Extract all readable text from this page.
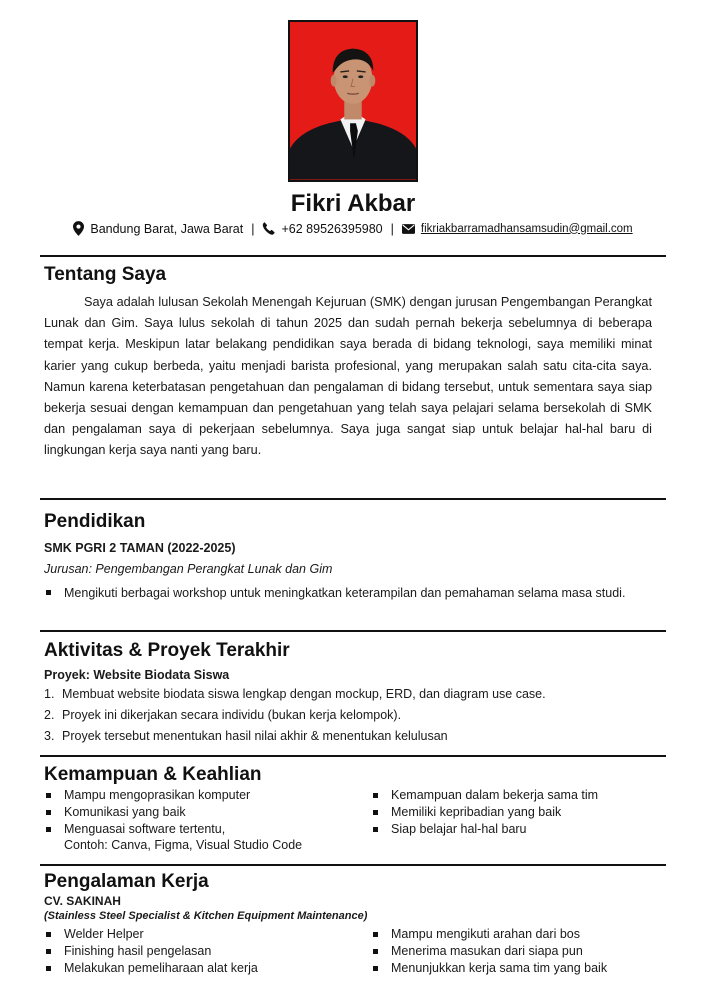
Fikri Akbar
Bandung Barat, Jawa Barat | +62 89526395980 | fikriakbarramadhansamsudin@gmail.com
Tentang Saya
Saya adalah lulusan Sekolah Menengah Kejuruan (SMK) dengan jurusan Pengembangan Perangkat Lunak dan Gim. Saya lulus sekolah di tahun 2025 dan sudah pernah bekerja sebelumnya di beberapa tempat kerja. Meskipun latar belakang pendidikan saya berada di bidang teknologi, saya memiliki minat karier yang cukup berbeda, yaitu menjadi barista profesional, yang merupakan salah satu cita-cita saya. Namun karena keterbatasan pengetahuan dan pengalaman di bidang tersebut, untuk sementara saya siap bekerja sesuai dengan kemampuan dan pengetahuan yang telah saya pelajari selama bersekolah di SMK dan pengalaman saya di pekerjaan sebelumnya. Saya juga sangat siap untuk belajar hal-hal baru di lingkungan kerja saya nanti yang baru.
Pendidikan
SMK PGRI 2 TAMAN (2022-2025)
Jurusan: Pengembangan Perangkat Lunak dan Gim
Mengikuti berbagai workshop untuk meningkatkan keterampilan dan pemahaman selama masa studi.
Aktivitas & Proyek Terakhir
Proyek: Website Biodata Siswa
1. Membuat website biodata siswa lengkap dengan mockup, ERD, dan diagram use case.
2. Proyek ini dikerjakan secara individu (bukan kerja kelompok).
3. Proyek tersebut menentukan hasil nilai akhir & menentukan kelulusan
Kemampuan & Keahlian
Mampu mengoprasikan komputer
Komunikasi yang baik
Menguasai software tertentu,
Contoh: Canva, Figma, Visual Studio Code
Kemampuan dalam bekerja sama tim
Memiliki kepribadian yang baik
Siap belajar hal-hal baru
Pengalaman Kerja
CV. SAKINAH
(Stainless Steel Specialist & Kitchen Equipment Maintenance)
Welder Helper
Finishing hasil pengelasan
Melakukan pemeliharaan alat kerja
Mampu mengikuti arahan dari bos
Menerima masukan dari siapa pun
Menunjukkan kerja sama tim yang baik
